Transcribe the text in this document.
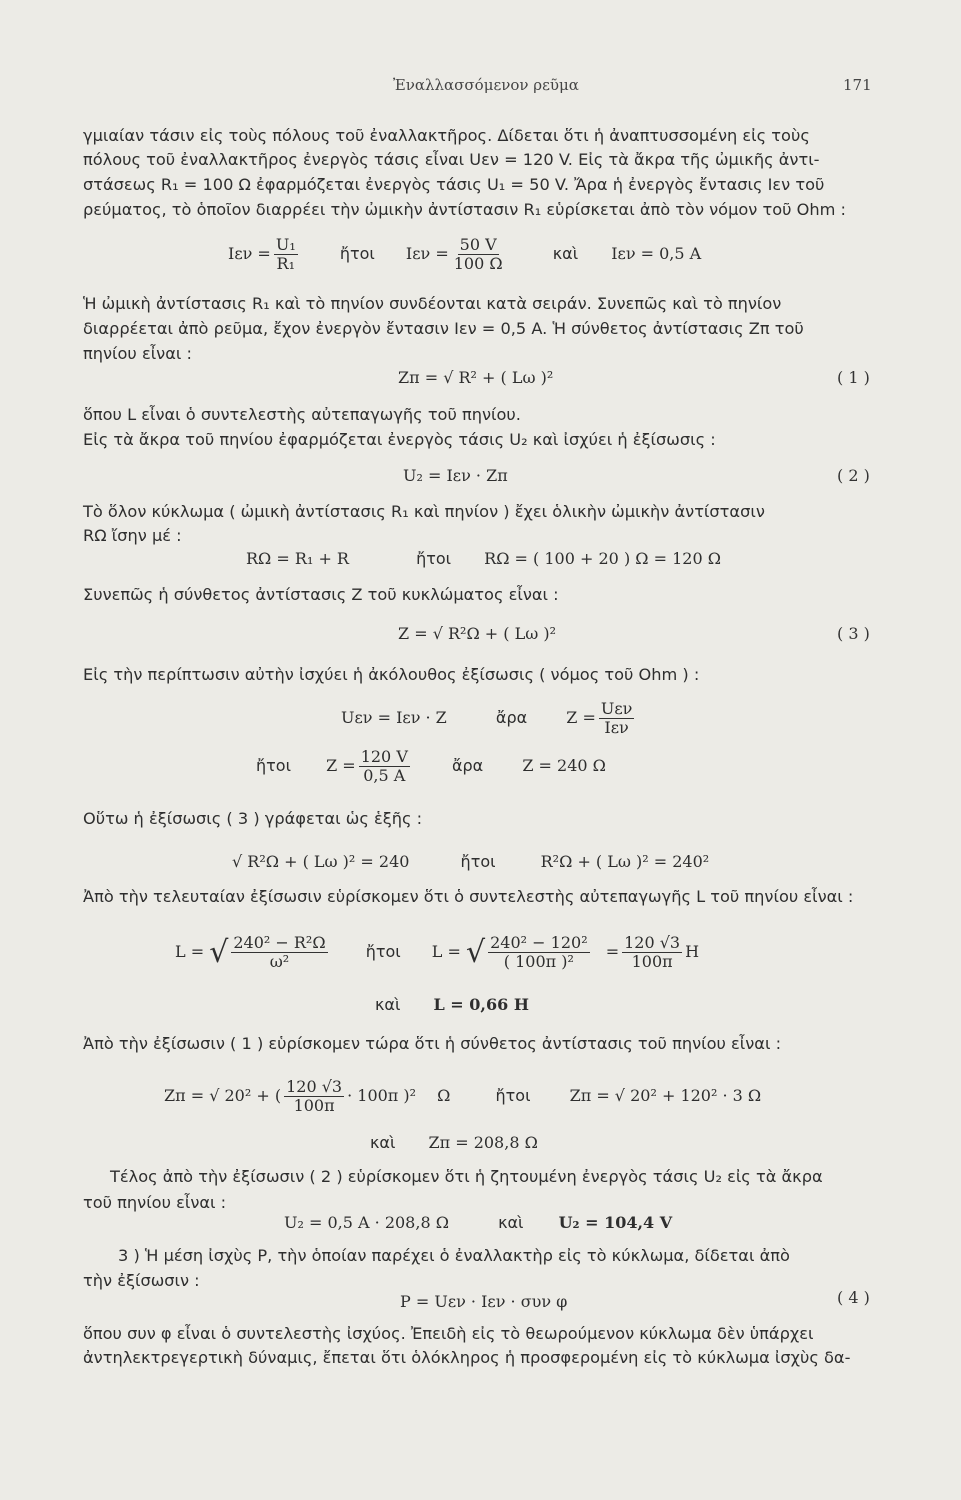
Ἐναλλασσόμενον ρεῦμα	171
γμιαίαν τάσιν εἰς τοὺς πόλους τοῦ ἐναλλακτῆρος. Δίδεται ὅτι ἡ ἀναπτυσσομένη εἰς τοὺς
πόλους τοῦ ἐναλλακτῆρος ἐνεργὸς τάσις εἶναι Uεν = 120 V. Εἰς τὰ ἄκρα τῆς ὠμικῆς ἀντι-
στάσεως R₁ = 100 Ω ἐφαρμόζεται ἐνεργὸς τάσις U₁ = 50 V. Ἄρα ἡ ἐνεργὸς ἔντασις Iεν τοῦ
ρεύματος, τὸ ὁποῖον διαρρέει τὴν ὠμικὴν ἀντίστασιν R₁ εὑρίσκεται ἀπὸ τὸν νόμον τοῦ Ohm :
$I\varepsilon\nu = \frac{\text{U₁}}{\text{R₁}}$	ἤτοι $I\varepsilon\nu = \frac{50 V}{100 \Omega}$	καὶ Iεν = 0,5 A
Ἡ ὠμικὴ ἀντίστασις R₁ καὶ τὸ πηνίον συνδέονται κατὰ σειράν. Συνεπῶς καὶ τὸ πηνίον
διαρρέεται ἀπὸ ρεῦμα, ἔχον ἐνεργὸν ἔντασιν Iεν = 0,5 A. Ἡ σύνθετος ἀντίστασις Zπ τοῦ
πηνίου εἶναι :
Zπ = √ R² + ( Lω )²	( 1 )
ὅπου L εἶναι ὁ συντελεστὴς αὐτεπαγωγῆς τοῦ πηνίου.
Εἰς τὰ ἄκρα τοῦ πηνίου ἐφαρμόζεται ἐνεργὸς τάσις U₂ καὶ ἰσχύει ἡ ἐξίσωσις :
U₂ = Iεν · Zπ	( 2 )
Τὸ ὅλον κύκλωμα ( ὠμικὴ ἀντίστασις R₁ καὶ πηνίον ) ἔχει ὁλικὴν ὠμικὴν ἀντίστασιν
RΩ ἴσην μέ :
RΩ = R₁ + R	ἤτοι RΩ = ( 100 + 20 ) Ω = 120 Ω
Συνεπῶς ἡ σύνθετος ἀντίστασις Z τοῦ κυκλώματος εἶναι :
Z = √ R²Ω + ( Lω )²	( 3 )
Εἰς τὴν περίπτωσιν αὐτὴν ἰσχύει ἡ ἀκόλουθος ἐξίσωσις ( νόμος τοῦ Ohm ) :
Uεν = Iεν · Z	ἄρα $Z = \frac{\text{Uεν}}{\text{Iεν}}$
ἤτοι $Z = \frac{120 V}{0,5 A}$	ἄρα Z = 240 Ω
Οὕτω ἡ ἐξίσωσις ( 3 ) γράφεται ὡς ἑξῆς :
√ R²Ω + ( Lω )² = 240	ἤτοι	R²Ω + ( Lω )² = 240²
Ἀπὸ τὴν τελευταίαν ἐξίσωσιν εὑρίσκομεν ὅτι ὁ συντελεστὴς αὐτεπαγωγῆς L τοῦ πηνίου εἶναι :
L = √ $\frac{\text{240² − R²Ω}}{\text{ω²}}$ ἤτοι L = √ $\frac{\text{240² − 120²}}{\text{( 100π )²}} = \frac{120 √3}{100\pi}$ H
καὶ L = 0,66 H
Ἀπὸ τὴν ἐξίσωσιν ( 1 ) εὑρίσκομεν τώρα ὅτι ἡ σύνθετος ἀντίστασις τοῦ πηνίου εἶναι :
Zπ = √ 20² + ( $\frac{120 √3}{100\pi} \cdot 100\pi$ )² Ω	ἤτοι Zπ = √ 20² + 120² · 3 Ω
καὶ Zπ = 208,8 Ω
Τέλος ἀπὸ τὴν ἐξίσωσιν ( 2 ) εὑρίσκομεν ὅτι ἡ ζητουμένη ἐνεργὸς τάσις U₂ εἰς τὰ ἄκρα
τοῦ πηνίου εἶναι :
U₂ = 0,5 A · 208,8 Ω	καὶ U₂ = 104,4 V
3 ) Ἡ μέση ἰσχὺς P, τὴν ὁποίαν παρέχει ὁ ἐναλλακτὴρ εἰς τὸ κύκλωμα, δίδεται ἀπὸ
τὴν ἐξίσωσιν :
P = Uεν · Iεν · συν φ	( 4 )
ὅπου συν φ εἶναι ὁ συντελεστὴς ἰσχύος. Ἐπειδὴ εἰς τὸ θεωρούμενον κύκλωμα δὲν ὑπάρχει
ἀντηλεκτρεγερτικὴ δύναμις, ἔπεται ὅτι ὁλόκληρος ἡ προσφερομένη εἰς τὸ κύκλωμα ἰσχὺς δα-
